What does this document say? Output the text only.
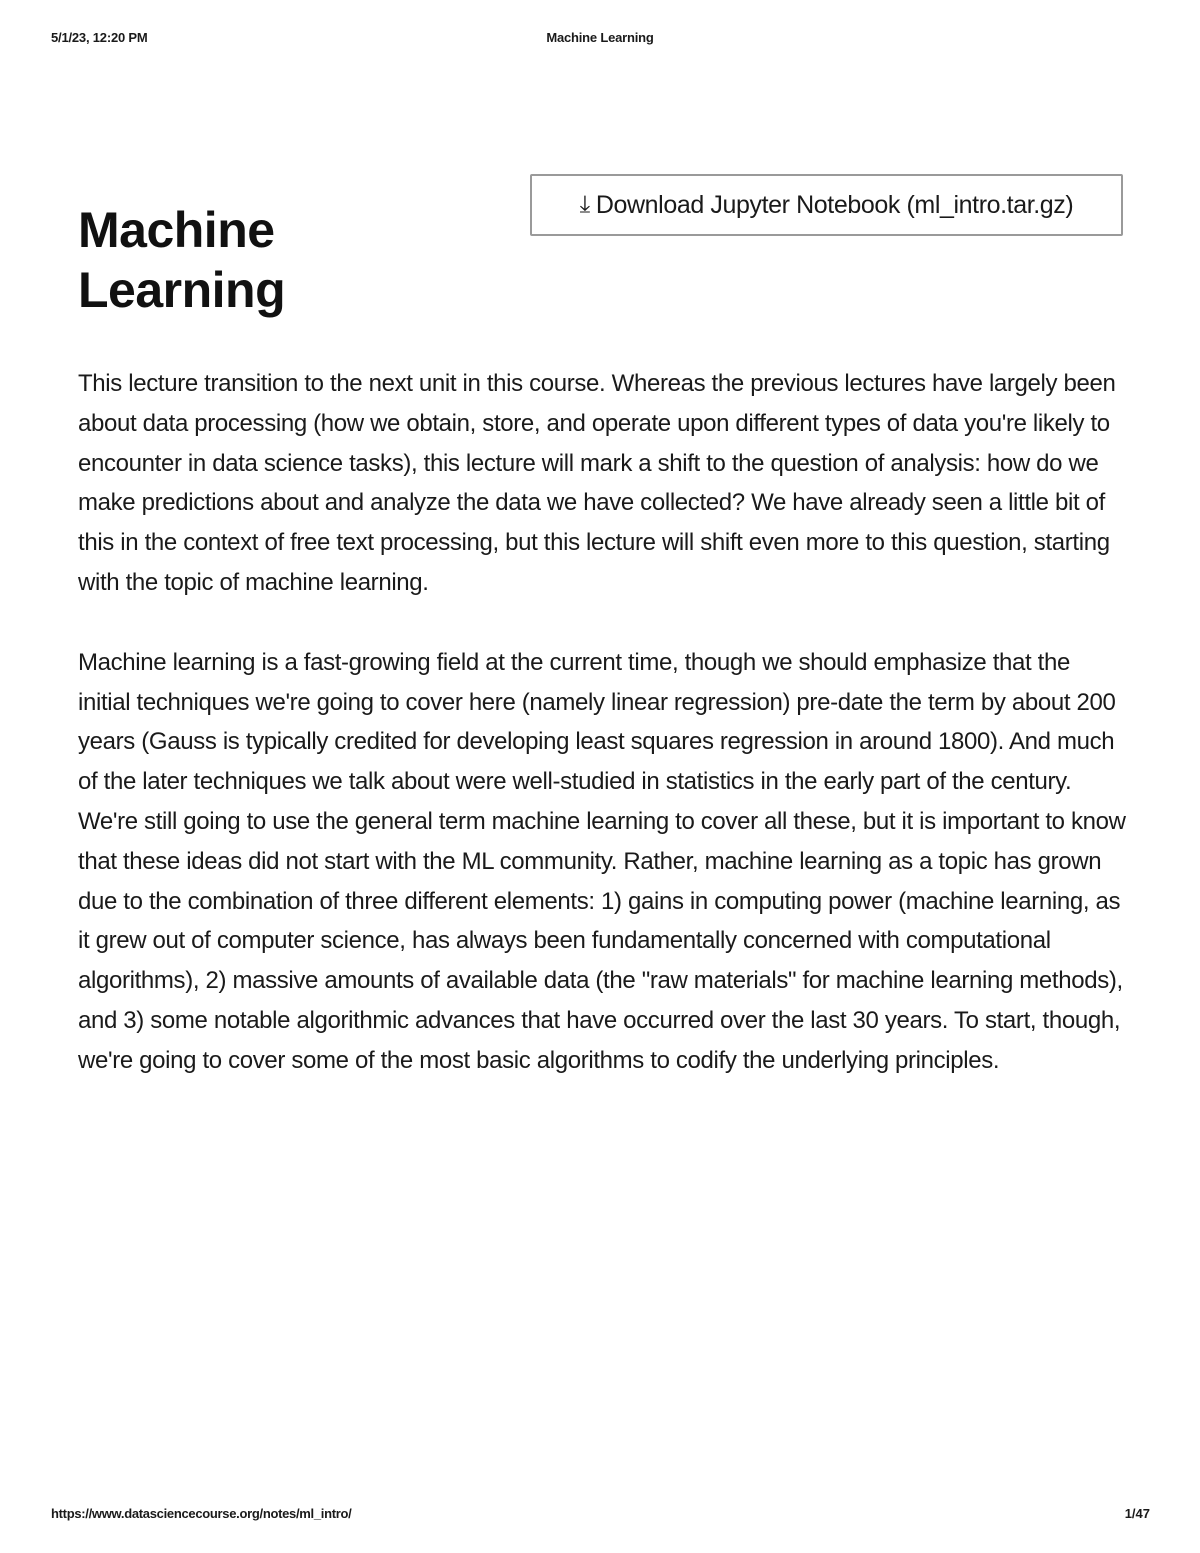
5/1/23, 12:20 PM	Machine Learning
⤓ Download Jupyter Notebook (ml_intro.tar.gz)
Machine
Learning

This lecture transition to the next unit in this course. Whereas the previous lectures have largely been about data processing (how we obtain, store, and operate upon different types of data you're likely to encounter in data science tasks), this lecture will mark a shift to the question of analysis: how do we make predictions about and analyze the data we have collected? We have already seen a little bit of this in the context of free text processing, but this lecture will shift even more to this question, starting with the topic of machine learning.

Machine learning is a fast-growing field at the current time, though we should emphasize that the initial techniques we're going to cover here (namely linear regression) pre-date the term by about 200 years (Gauss is typically credited for developing least squares regression in around 1800). And much of the later techniques we talk about were well-studied in statistics in the early part of the century. We're still going to use the general term machine learning to cover all these, but it is important to know that these ideas did not start with the ML community. Rather, machine learning as a topic has grown due to the combination of three different elements: 1) gains in computing power (machine learning, as it grew out of computer science, has always been fundamentally concerned with computational algorithms), 2) massive amounts of available data (the "raw materials" for machine learning methods), and 3) some notable algorithmic advances that have occurred over the last 30 years. To start, though, we're going to cover some of the most basic algorithms to codify the underlying principles.

https://www.datasciencecourse.org/notes/ml_intro/	1/47
